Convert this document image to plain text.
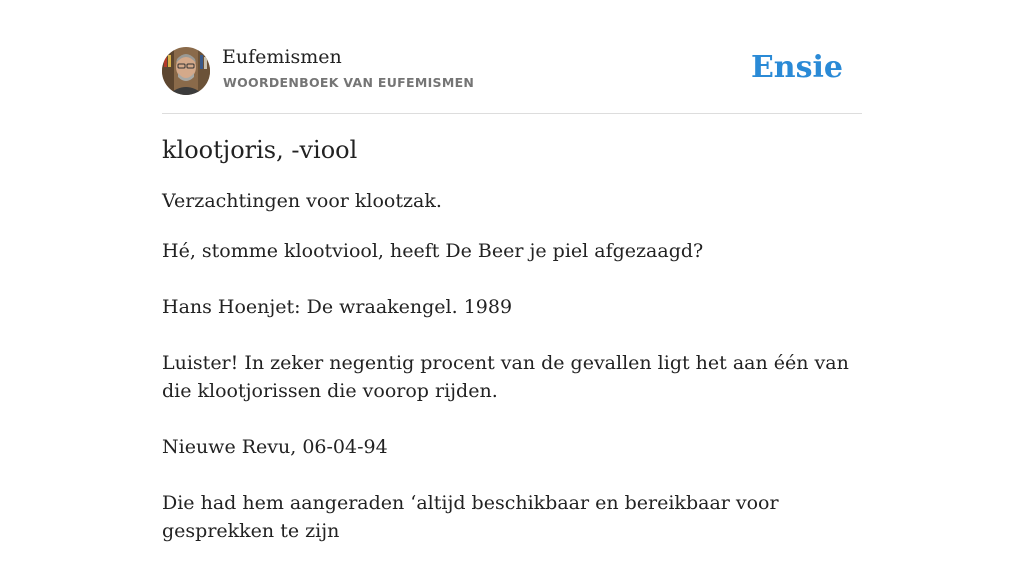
Eufemismen
WOORDENBOEK VAN EUFEMISMEN	Ensie
klootjoris, -viool

Verzachtingen voor klootzak.

Hé, stomme klootviool, heeft De Beer je piel afgezaagd?

Hans Hoenjet: De wraakengel. 1989

Luister! In zeker negentig procent van de gevallen ligt het aan één van die klootjorissen die voorop rijden.

Nieuwe Revu, 06-04-94

Die had hem aangeraden ‘altijd beschikbaar en bereikbaar voor gesprekken te zijn
